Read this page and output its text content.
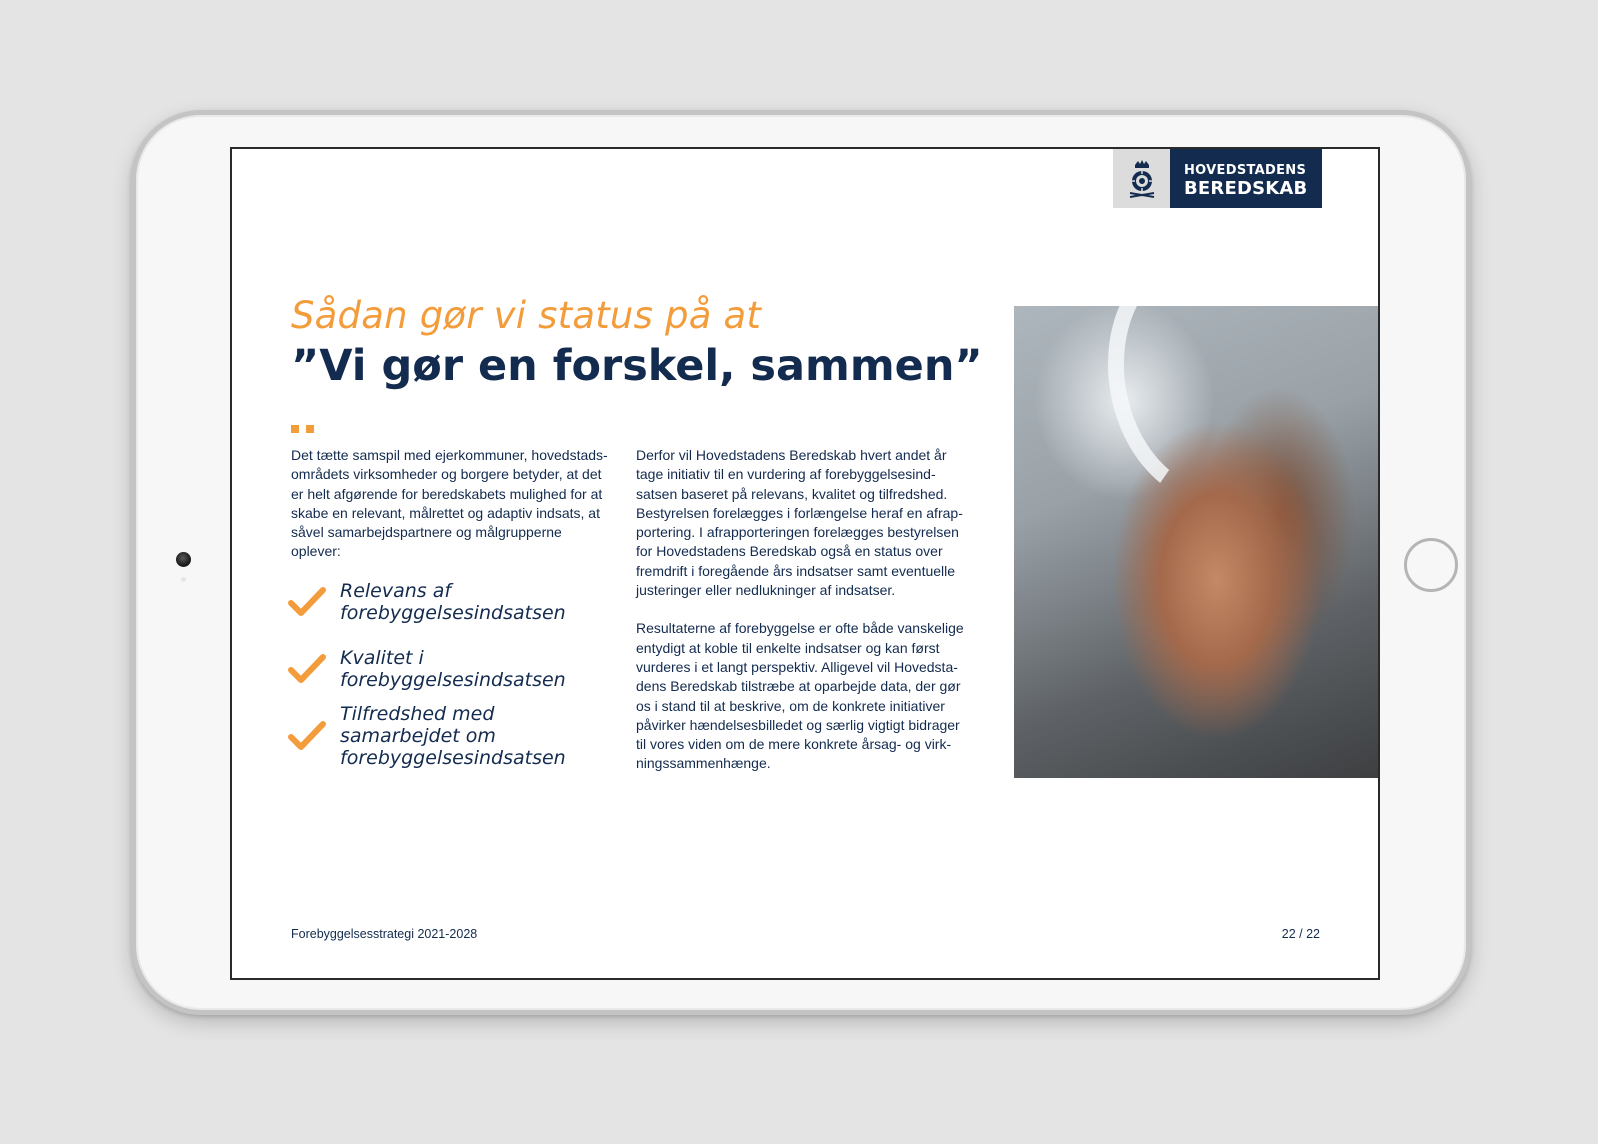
HOVEDSTADENS
BEREDSKAB
Sådan gør vi status på at
”Vi gør en forskel, sammen”

Det tætte samspil med ejerkommuner, hovedstadsområdets virksomheder og borgere betyder, at det er helt afgørende for beredskabets mulighed for at skabe en relevant, målrettet og adaptiv indsats, at såvel samarbejdspartnere og målgrupperne oplever:

Relevans af forebyggelsesindsatsen
Kvalitet i forebyggelsesindsatsen
Tilfredshed med samarbejdet om forebyggelsesindsatsen

Derfor vil Hovedstadens Beredskab hvert andet år tage initiativ til en vurdering af forebyggelsesindsatsen baseret på relevans, kvalitet og tilfredshed. Bestyrelsen forelægges i forlængelse heraf en afrapportering. I afrapporteringen forelægges bestyrelsen for Hovedstadens Beredskab også en status over fremdrift i foregående års indsatser samt eventuelle justeringer eller nedlukninger af indsatser.

Resultaterne af forebyggelse er ofte både vanskelige entydigt at koble til enkelte indsatser og kan først vurderes i et langt perspektiv. Alligevel vil Hovedstadens Beredskab tilstræbe at oparbejde data, der gør os i stand til at beskrive, om de konkrete initiativer påvirker hændelsesbilledet og særlig vigtigt bidrager til vores viden om de mere konkrete årsag- og virkningssammenhænge.

Forebyggelsesstrategi 2021-2028	22 / 22
